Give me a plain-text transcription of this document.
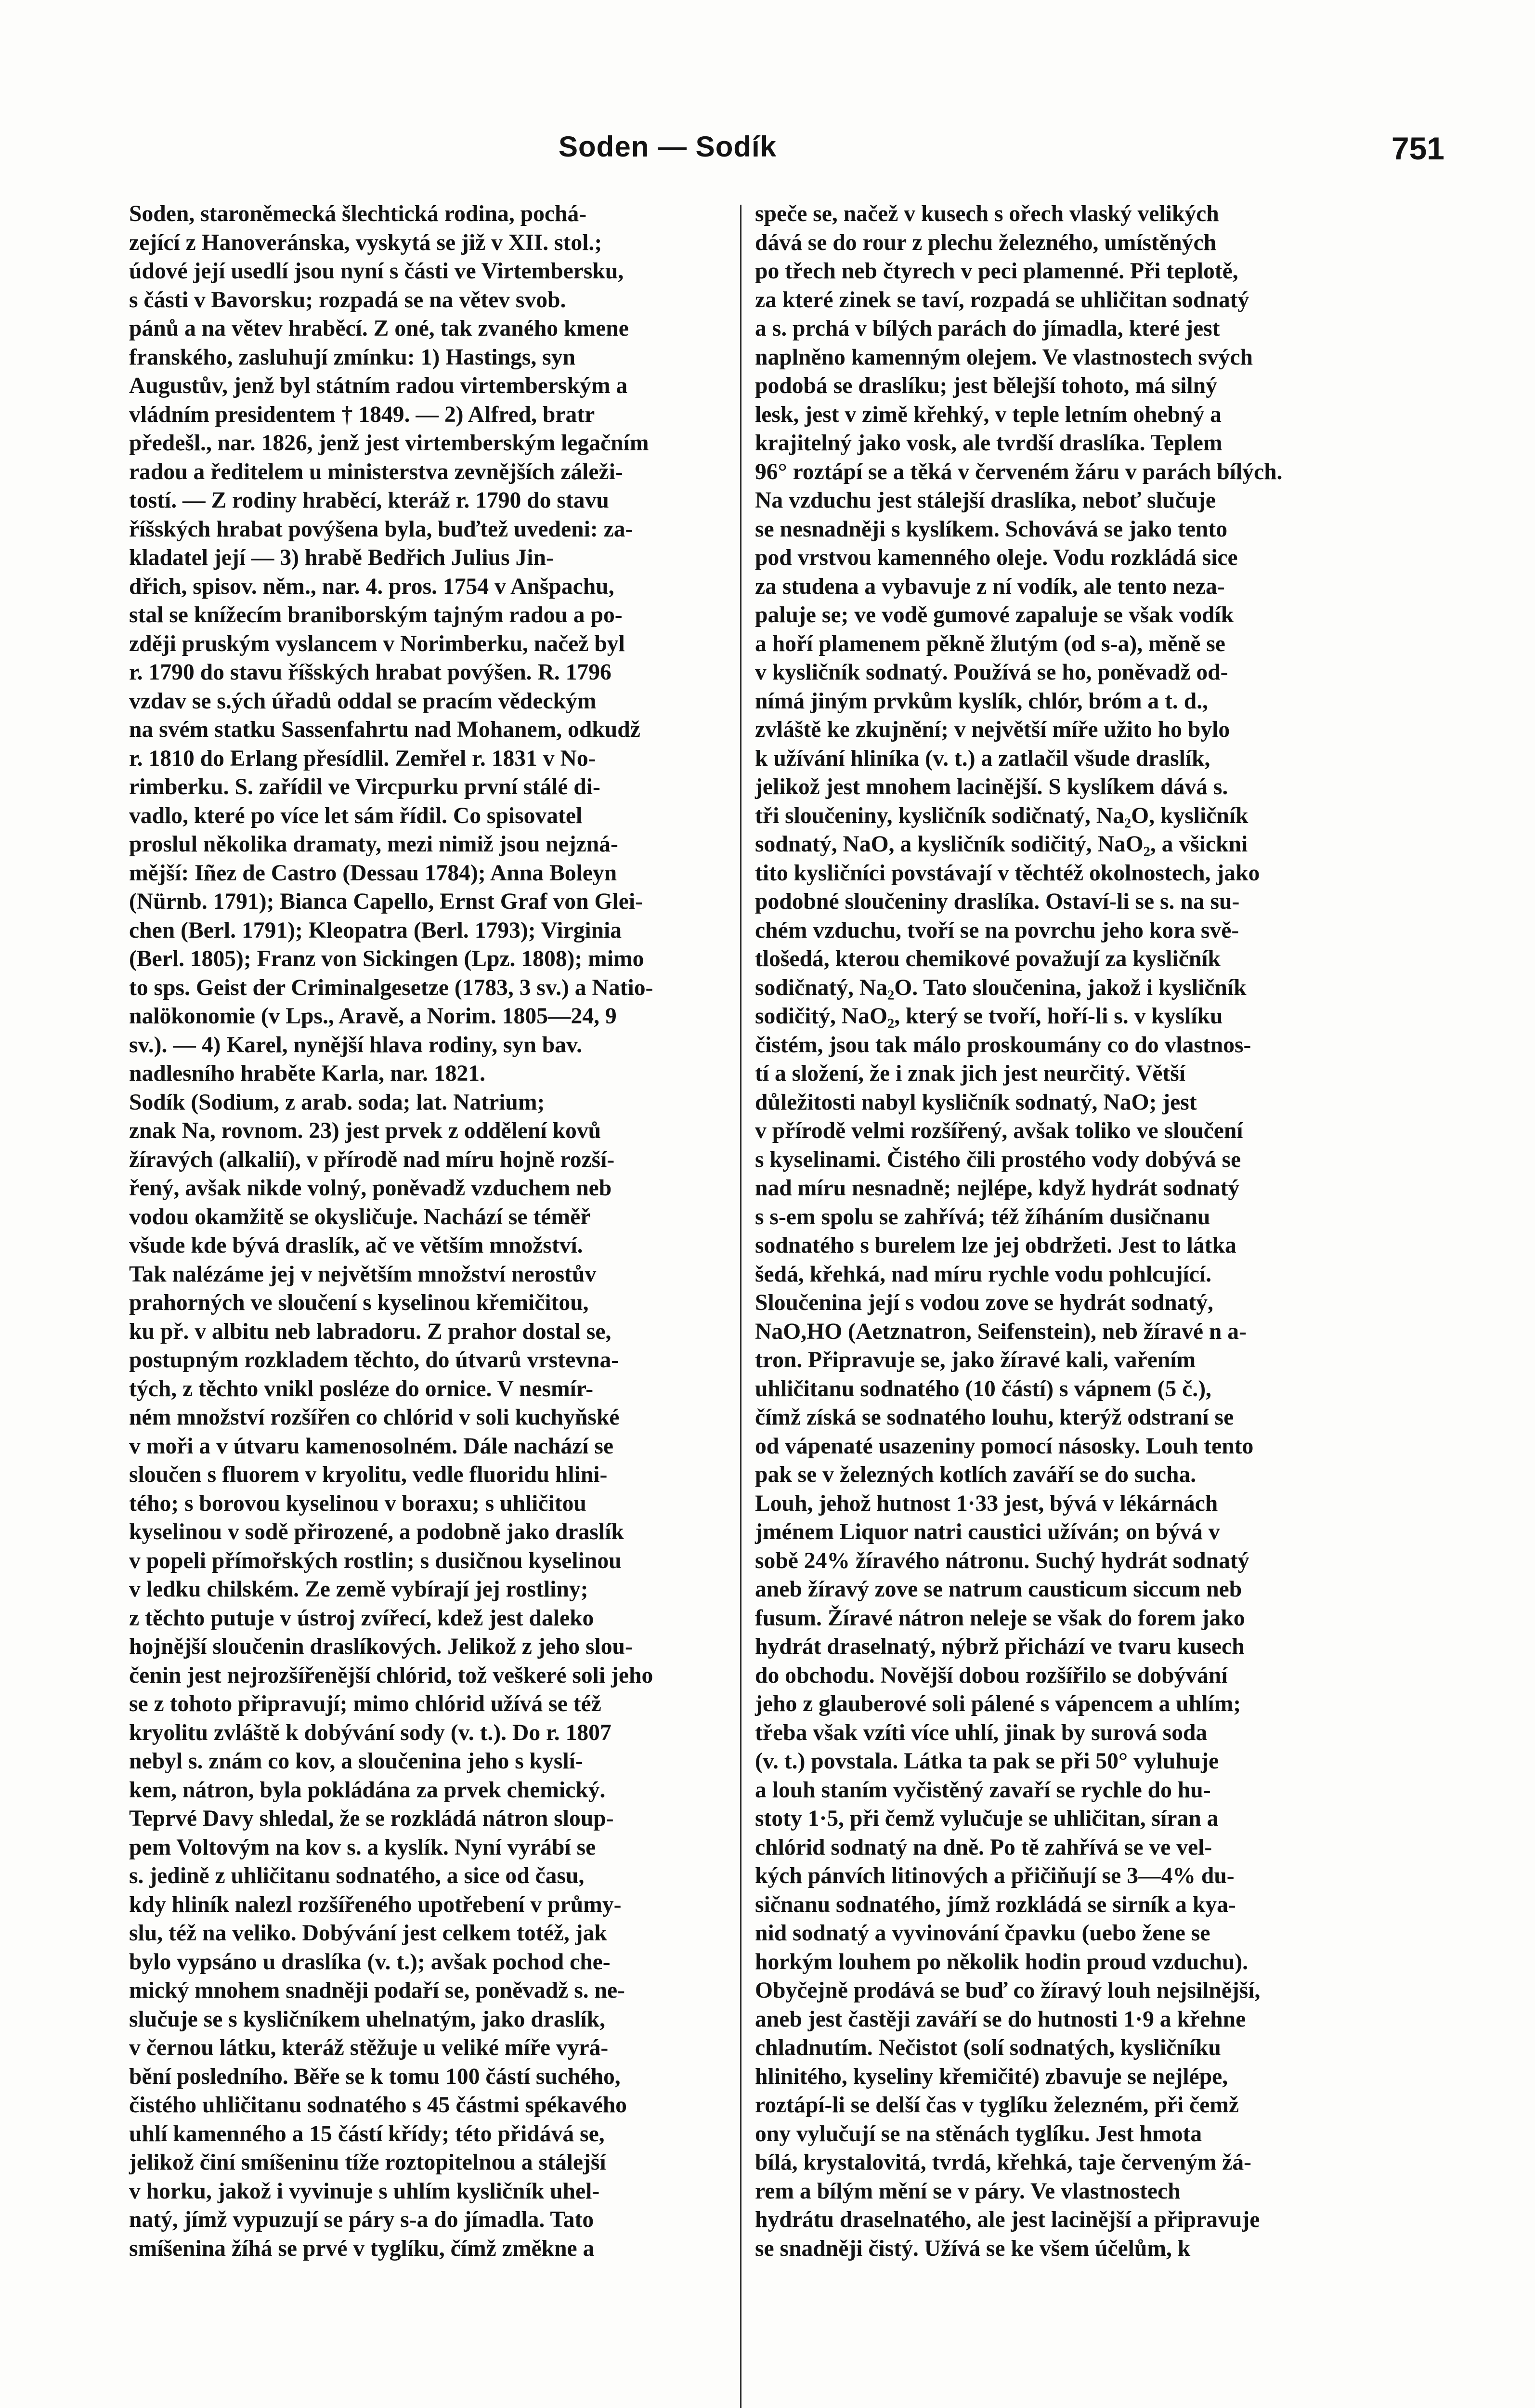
Soden — Sodík	751
Soden, staroněmecká šlechtická rodina, pochá-
zející z Hanoveránska, vyskytá se již v XII. stol.;
údové její usedlí jsou nyní s části ve Virtembersku,
s části v Bavorsku; rozpadá se na větev svob.
pánů a na větev hraběcí. Z oné, tak zvaného kmene
franského, zasluhují zmínku: 1) Hastings, syn
Augustův, jenž byl státním radou virtemberským a
vládním presidentem † 1849. — 2) Alfred, bratr
předešl., nar. 1826, jenž jest virtemberským legačním
radou a ředitelem u ministerstva zevnějších záleži-
tostí. — Z rodiny hraběcí, kteráž r. 1790 do stavu
říšských hrabat povýšena byla, buďtež uvedeni: za-
kladatel její — 3) hrabě Bedřich Julius Jin-
dřich, spisov. něm., nar. 4. pros. 1754 v Anšpachu,
stal se knížecím braniborským tajným radou a po-
zději pruským vyslancem v Norimberku, načež byl
r. 1790 do stavu říšských hrabat povýšen. R. 1796
vzdav se s.ých úřadů oddal se pracím vědeckým
na svém statku Sassenfahrtu nad Mohanem, odkudž
r. 1810 do Erlang přesídlil. Zemřel r. 1831 v No-
rimberku. S. zařídil ve Vircpurku první stálé di-
vadlo, které po více let sám řídil. Co spisovatel
proslul několika dramaty, mezi nimiž jsou nejzná-
mější: Iñez de Castro (Dessau 1784); Anna Boleyn
(Nürnb. 1791); Bianca Capello, Ernst Graf von Glei-
chen (Berl. 1791); Kleopatra (Berl. 1793); Virginia
(Berl. 1805); Franz von Sickingen (Lpz. 1808); mimo
to sps. Geist der Criminalgesetze (1783, 3 sv.) a Natio-
nalökonomie (v Lps., Aravě, a Norim. 1805—24, 9
sv.). — 4) Karel, nynější hlava rodiny, syn bav.
nadlesního hraběte Karla, nar. 1821.
Sodík (Sodium, z arab. soda; lat. Natrium;
znak Na, rovnom. 23) jest prvek z oddělení kovů
žíravých (alkalií), v přírodě nad míru hojně rozší-
řený, avšak nikde volný, poněvadž vzduchem neb
vodou okamžitě se okysličuje. Nachází se téměř
všude kde bývá draslík, ač ve větším množství.
Tak nalézáme jej v největším množství nerostův
prahorných ve sloučení s kyselinou křemičitou,
ku př. v albitu neb labradoru. Z prahor dostal se,
postupným rozkladem těchto, do útvarů vrstevna-
tých, z těchto vnikl posléze do ornice. V nesmír-
ném množství rozšířen co chlórid v soli kuchyňské
v moři a v útvaru kamenosolném. Dále nachází se
sloučen s fluorem v kryolitu, vedle fluoridu hlini-
tého; s borovou kyselinou v boraxu; s uhličitou
kyselinou v sodě přirozené, a podobně jako draslík
v popeli přímořských rostlin; s dusičnou kyselinou
v ledku chilském. Ze země vybírají jej rostliny;
z těchto putuje v ústroj zvířecí, kdež jest daleko
hojnější sloučenin draslíkových. Jelikož z jeho slou-
čenin jest nejrozšířenější chlórid, tož veškeré soli jeho
se z tohoto připravují; mimo chlórid užívá se též
kryolitu zvláště k dobývání sody (v. t.). Do r. 1807
nebyl s. znám co kov, a sloučenina jeho s kyslí-
kem, nátron, byla pokládána za prvek chemický.
Teprvé Davy shledal, že se rozkládá nátron sloup-
pem Voltovým na kov s. a kyslík. Nyní vyrábí se
s. jedině z uhličitanu sodnatého, a sice od času,
kdy hliník nalezl rozšířeného upotřebení v průmy-
slu, též na veliko. Dobývání jest celkem totéž, jak
bylo vypsáno u draslíka (v. t.); avšak pochod che-
mický mnohem snadněji podaří se, poněvadž s. ne-
slučuje se s kysličníkem uhelnatým, jako draslík,
v černou látku, kteráž stěžuje u veliké míře vyrá-
bění posledního. Běře se k tomu 100 částí suchého,
čistého uhličitanu sodnatého s 45 částmi spékavého
uhlí kamenného a 15 částí křídy; této přidává se,
jelikož činí smíšeninu tíže roztopitelnou a stálejší
v horku, jakož i vyvinuje s uhlím kysličník uhel-
natý, jímž vypuzují se páry s-a do jímadla. Tato
smíšenina žíhá se prvé v tyglíku, čímž změkne a
speče se, načež v kusech s ořech vlaský velikých
dává se do rour z plechu železného, umístěných
po třech neb čtyrech v peci plamenné. Při teplotě,
za které zinek se taví, rozpadá se uhličitan sodnatý
a s. prchá v bílých parách do jímadla, které jest
naplněno kamenným olejem. Ve vlastnostech svých
podobá se draslíku; jest bělejší tohoto, má silný
lesk, jest v zimě křehký, v teple letním ohebný a
krajitelný jako vosk, ale tvrdší draslíka. Teplem
96° roztápí se a těká v červeném žáru v parách bílých.
Na vzduchu jest stálejší draslíka, neboť slučuje
se nesnadněji s kyslíkem. Schovává se jako tento
pod vrstvou kamenného oleje. Vodu rozkládá sice
za studena a vybavuje z ní vodík, ale tento neza-
paluje se; ve vodě gumové zapaluje se však vodík
a hoří plamenem pěkně žlutým (od s-a), měně se
v kysličník sodnatý. Používá se ho, poněvadž od-
nímá jiným prvkům kyslík, chlór, bróm a t. d.,
zvláště ke zkujnění; v největší míře užito ho bylo
k užívání hliníka (v. t.) a zatlačil všude draslík,
jelikož jest mnohem lacinější. S kyslíkem dává s.
tři sloučeniny, kysličník sodičnatý, Na₂O, kysličník
sodnatý, NaO, a kysličník sodičitý, NaO₂, a všickni
tito kysličníci povstávají v těchtéž okolnostech, jako
podobné sloučeniny draslíka. Ostaví-li se s. na su-
chém vzduchu, tvoří se na povrchu jeho kora svě-
tlošedá, kterou chemikové považují za kysličník
sodičnatý, Na₂O. Tato sloučenina, jakož i kysličník
sodičitý, NaO₂, který se tvoří, hoří-li s. v kyslíku
čistém, jsou tak málo proskoumány co do vlastnos-
tí a složení, že i znak jich jest neurčitý. Větší
důležitosti nabyl kysličník sodnatý, NaO; jest
v přírodě velmi rozšířený, avšak toliko ve sloučení
s kyselinami. Čistého čili prostého vody dobývá se
nad míru nesnadně; nejlépe, když hydrát sodnatý
s s-em spolu se zahřívá; též žíháním dusičnanu
sodnatého s burelem lze jej obdržeti. Jest to látka
šedá, křehká, nad míru rychle vodu pohlcující.
Sloučenina její s vodou zove se hydrát sodnatý,
NaO,HO (Aetznatron, Seifenstein), neb žíravé n a-
tron. Připravuje se, jako žíravé kali, vařením
uhličitanu sodnatého (10 částí) s vápnem (5 č.),
čímž získá se sodnatého louhu, kterýž odstraní se
od vápenaté usazeniny pomocí násosky. Louh tento
pak se v železných kotlích zaváří se do sucha.
Louh, jehož hutnost 1·33 jest, bývá v lékárnách
jménem Liquor natri caustici užíván; on bývá v
sobě 24% žíravého nátronu. Suchý hydrát sodnatý
aneb žíravý zove se natrum causticum siccum neb
fusum. Žíravé nátron neleje se však do forem jako
hydrát draselnatý, nýbrž přichází ve tvaru kusech
do obchodu. Novější dobou rozšířilo se dobývání
jeho z glauberové soli pálené s vápencem a uhlím;
třeba však vzíti více uhlí, jinak by surová soda
(v. t.) povstala. Látka ta pak se při 50° vyluhuje
a louh staním vyčistěný zavaří se rychle do hu-
stoty 1·5, při čemž vylučuje se uhličitan, síran a
chlórid sodnatý na dně. Po tě zahřívá se ve vel-
kých pánvích litinových a přičiňují se 3—4% du-
sičnanu sodnatého, jímž rozkládá se sirník a kya-
nid sodnatý a vyvinování čpavku (uebo žene se
horkým louhem po několik hodin proud vzduchu).
Obyčejně prodává se buď co žíravý louh nejsilnější,
aneb jest častěji zaváří se do hutnosti 1·9 a křehne
chladnutím. Nečistot (solí sodnatých, kysličníku
hlinitého, kyseliny křemičité) zbavuje se nejlépe,
roztápí-li se delší čas v tyglíku železném, při čemž
ony vylučují se na stěnách tyglíku. Jest hmota
bílá, krystalovitá, tvrdá, křehká, taje červeným žá-
rem a bílým mění se v páry. Ve vlastnostech
hydrátu draselnatého, ale jest lacinější a připravuje
se snadněji čistý. Užívá se ke všem účelům, k
